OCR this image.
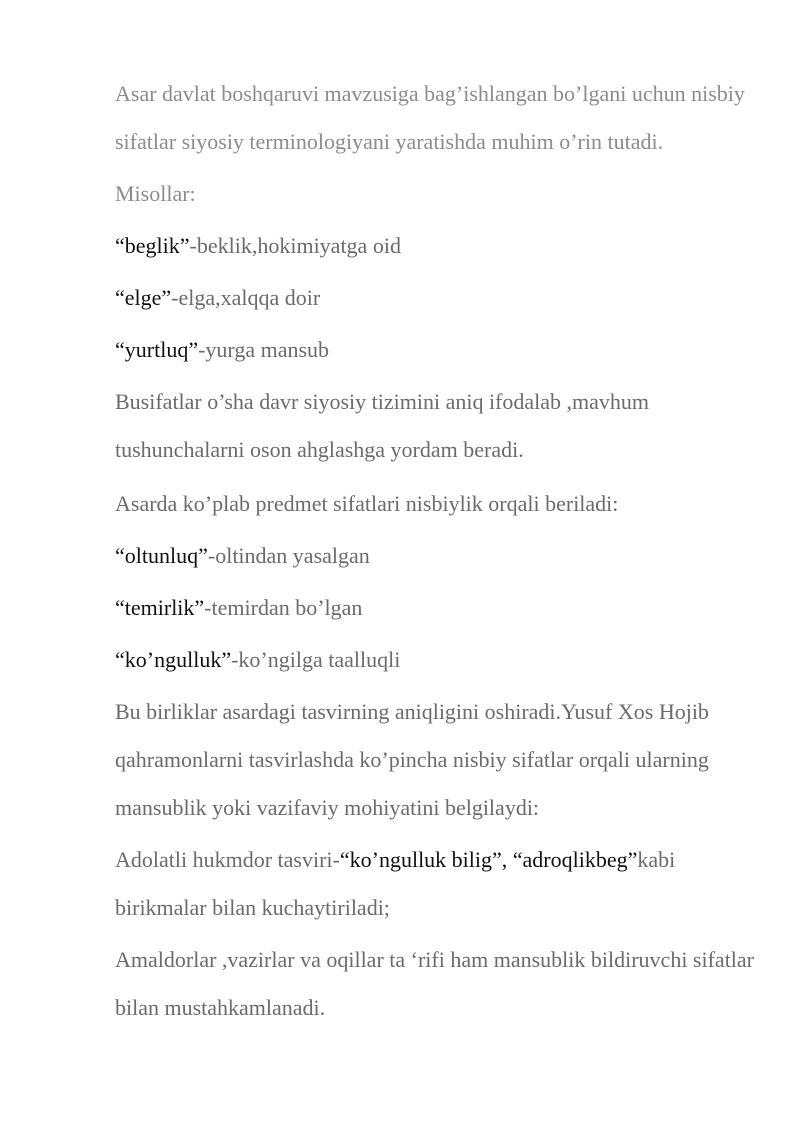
Asar davlat boshqaruvi mavzusiga bag’ishlangan bo’lgani uchun nisbiy sifatlar siyosiy terminologiyani yaratishda muhim o’rin tutadi.

Misollar:

“beglik”-beklik,hokimiyatga oid

“elge”-elga,xalqqa doir

“yurtluq”-yurga mansub

Busifatlar o’sha davr siyosiy tizimini aniq ifodalab ,mavhum tushunchalarni oson ahglashga yordam beradi.

Asarda ko’plab predmet sifatlari nisbiylik orqali beriladi:

“oltunluq”-oltindan yasalgan

“temirlik”-temirdan bo’lgan

“ko’ngulluk”-ko’ngilga taalluqli

Bu birliklar asardagi tasvirning aniqligini oshiradi.Yusuf Xos Hojib qahramonlarni tasvirlashda ko’pincha nisbiy sifatlar orqali ularning mansublik yoki vazifaviy mohiyatini belgilaydi:

Adolatli hukmdor tasviri-“ko’ngulluk bilig”, “adroqlikbeg”kabi birikmalar bilan kuchaytiriladi;

Amaldorlar ,vazirlar va oqillar ta ‘rifi ham mansublik bildiruvchi sifatlar bilan mustahkamlanadi.
